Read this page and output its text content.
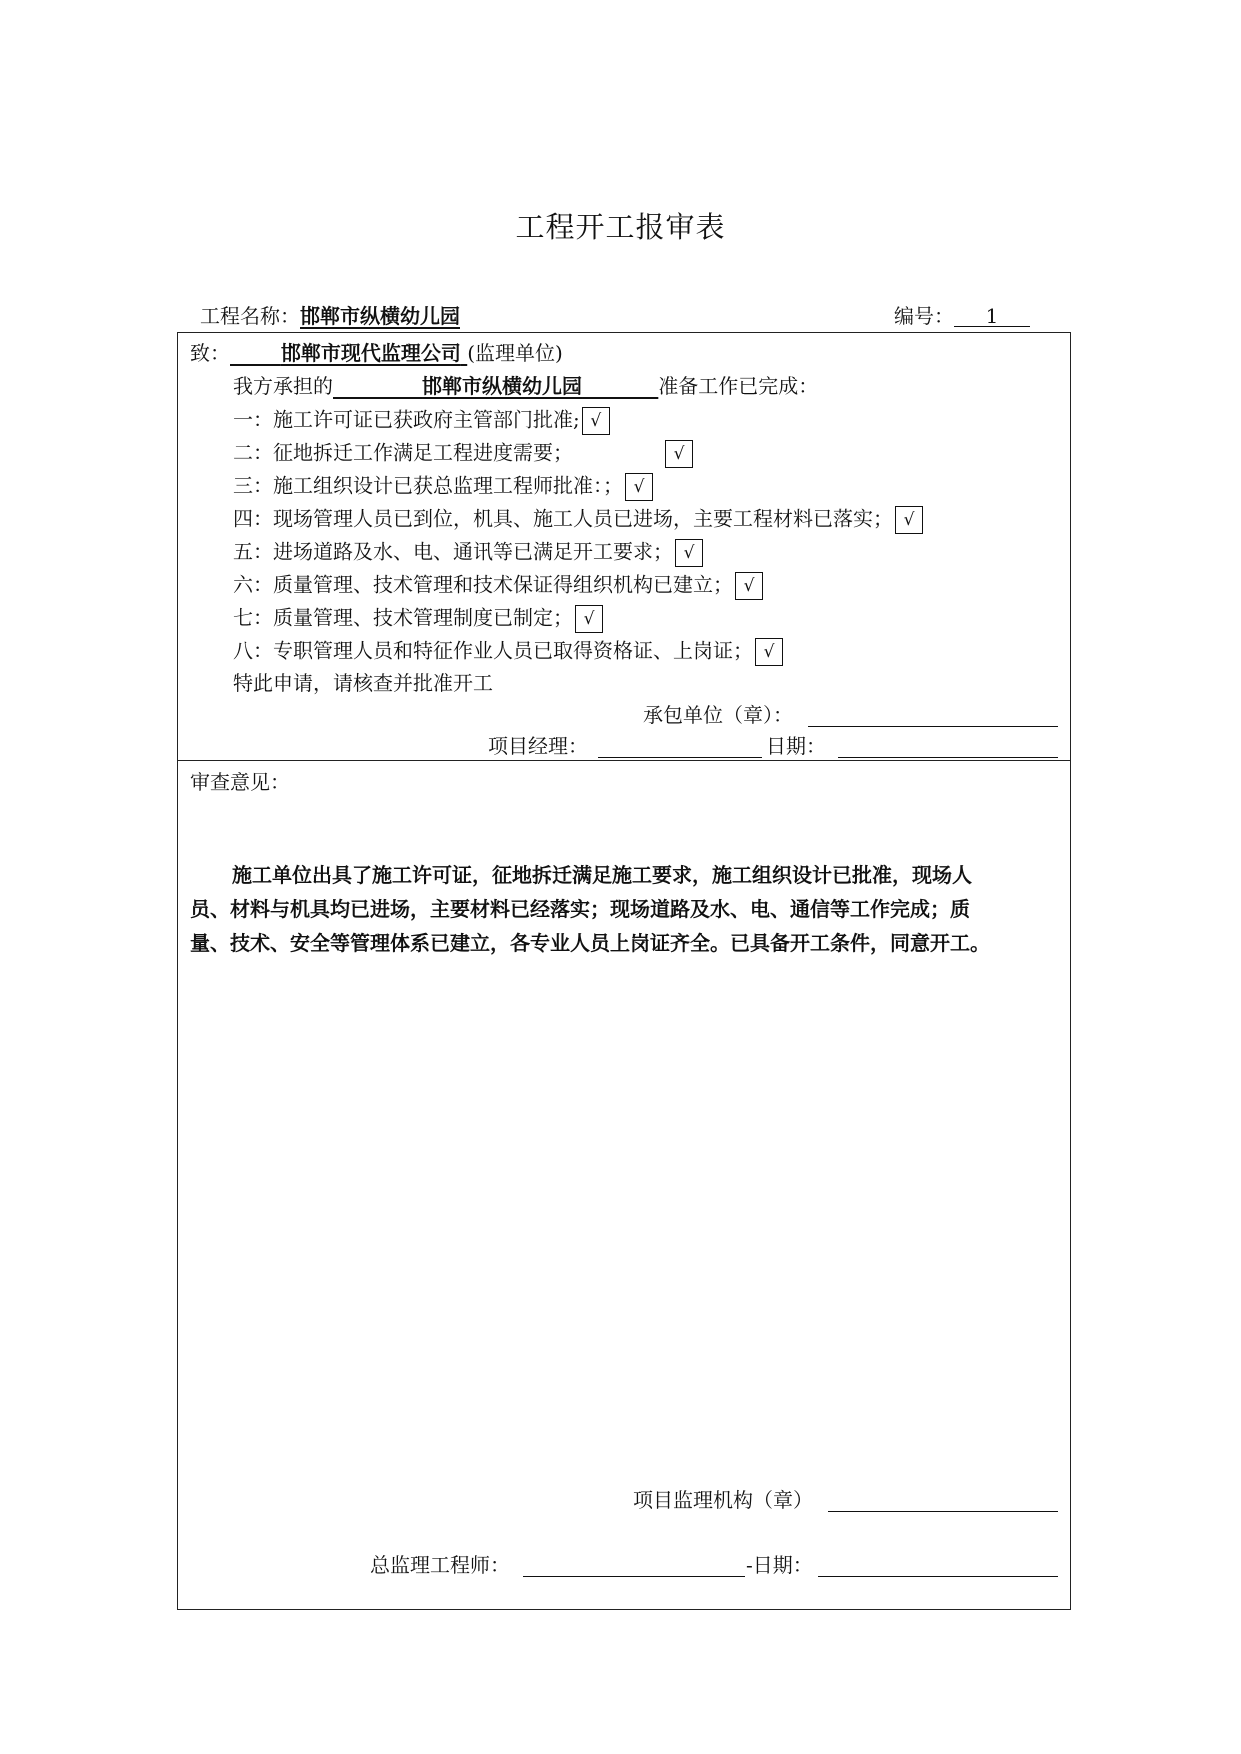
工程开工报审表
工程名称：邯郸市纵横幼儿园	编号： 1
致：	邯郸市现代监理公司 (监理单位)
我方承担的	邯郸市纵横幼儿园	准备工作已完成：
一：施工许可证已获政府主管部门批准; √
二：征地拆迁工作满足工程进度需要；	√
三：施工组织设计已获总监理工程师批准：； √
四：现场管理人员已到位，机具、施工人员已进场，主要工程材料已落实； √
五：进场道路及水、电、通讯等已满足开工要求； √
六：质量管理、技术管理和技术保证得组织机构已建立； √
七：质量管理、技术管理制度已制定； √
八：专职管理人员和特征作业人员已取得资格证、上岗证； √
特此申请，请核查并批准开工
承包单位（章）：
项目经理：	日期：
审查意见：

施工单位出具了施工许可证，征地拆迁满足施工要求，施工组织设计已批准，现场人

员、材料与机具均已进场，主要材料已经落实；现场道路及水、电、通信等工作完成；质

量、技术、安全等管理体系已建立，各专业人员上岗证齐全。已具备开工条件，同意开工。

项目监理机构（章）
总监理工程师：	-日期：
